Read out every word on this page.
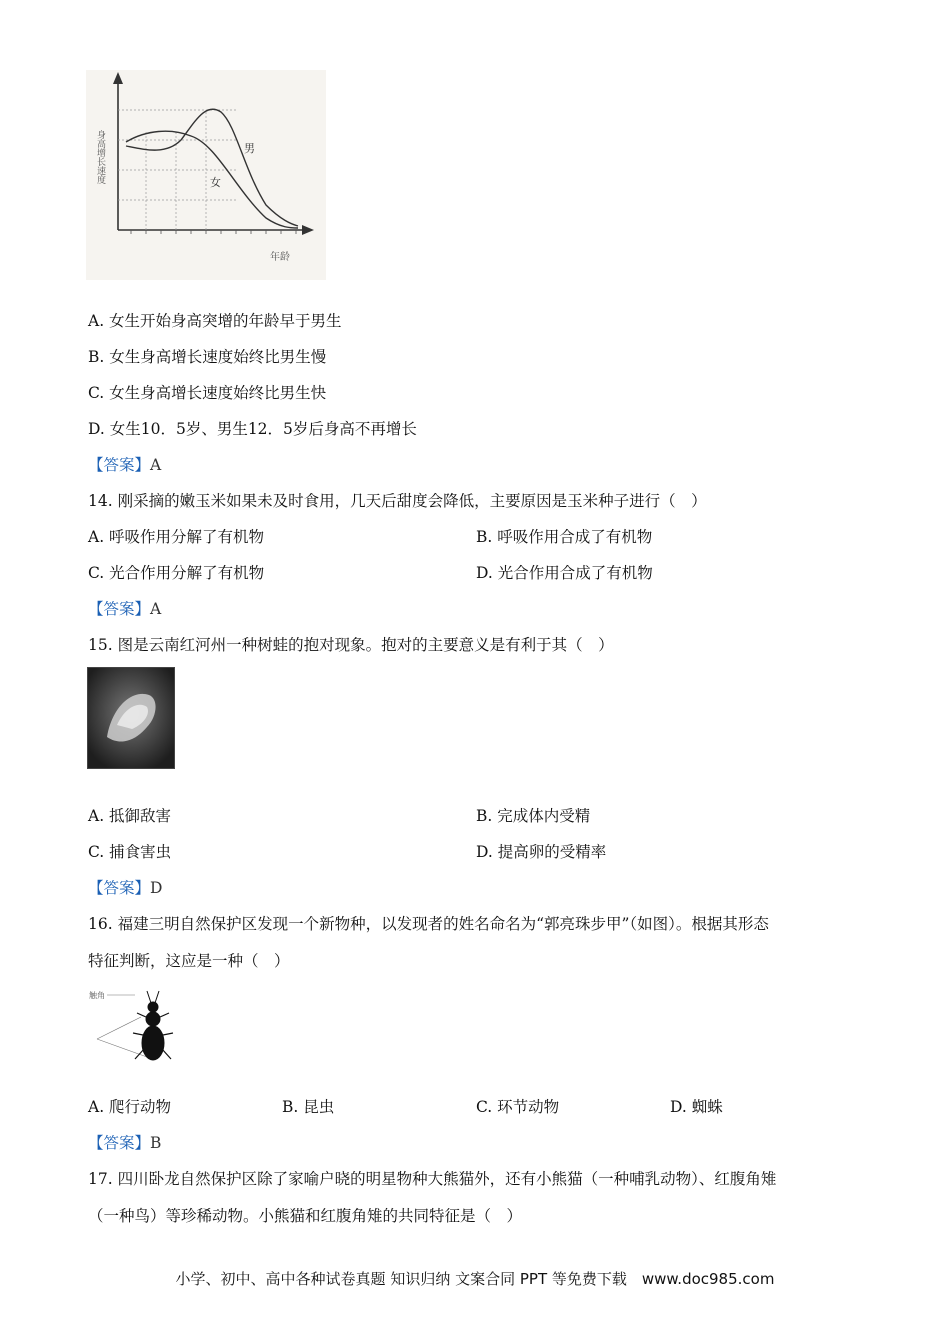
身高增长速度	男
女
年龄
A. 女生开始身高突增的年龄早于男生
B. 女生身高增长速度始终比男生慢
C. 女生身高增长速度始终比男生快
D. 女生10．5岁、男生12．5岁后身高不再增长
【答案】A
14. 刚采摘的嫩玉米如果未及时食用，几天后甜度会降低，主要原因是玉米种子进行（　）
A. 呼吸作用分解了有机物	B. 呼吸作用合成了有机物
C. 光合作用分解了有机物	D. 光合作用合成了有机物
【答案】A
15. 图是云南红河州一种树蛙的抱对现象。抱对的主要意义是有利于其（　）
A. 抵御敌害	B. 完成体内受精
C. 捕食害虫	D. 提高卵的受精率
【答案】D
16. 福建三明自然保护区发现一个新物种，以发现者的姓名命名为“郭亮珠步甲”（如图）。根据其形态
特征判断，这应是一种（　）
触角
A. 爬行动物	B. 昆虫	C. 环节动物	D. 蜘蛛
【答案】B
17. 四川卧龙自然保护区除了家喻户晓的明星物种大熊猫外，还有小熊猫（一种哺乳动物）、红腹角雉
（一种鸟）等珍稀动物。小熊猫和红腹角雉的共同特征是（　）
小学、初中、高中各种试卷真题 知识归纳 文案合同 PPT 等免费下载　www.doc985.com
